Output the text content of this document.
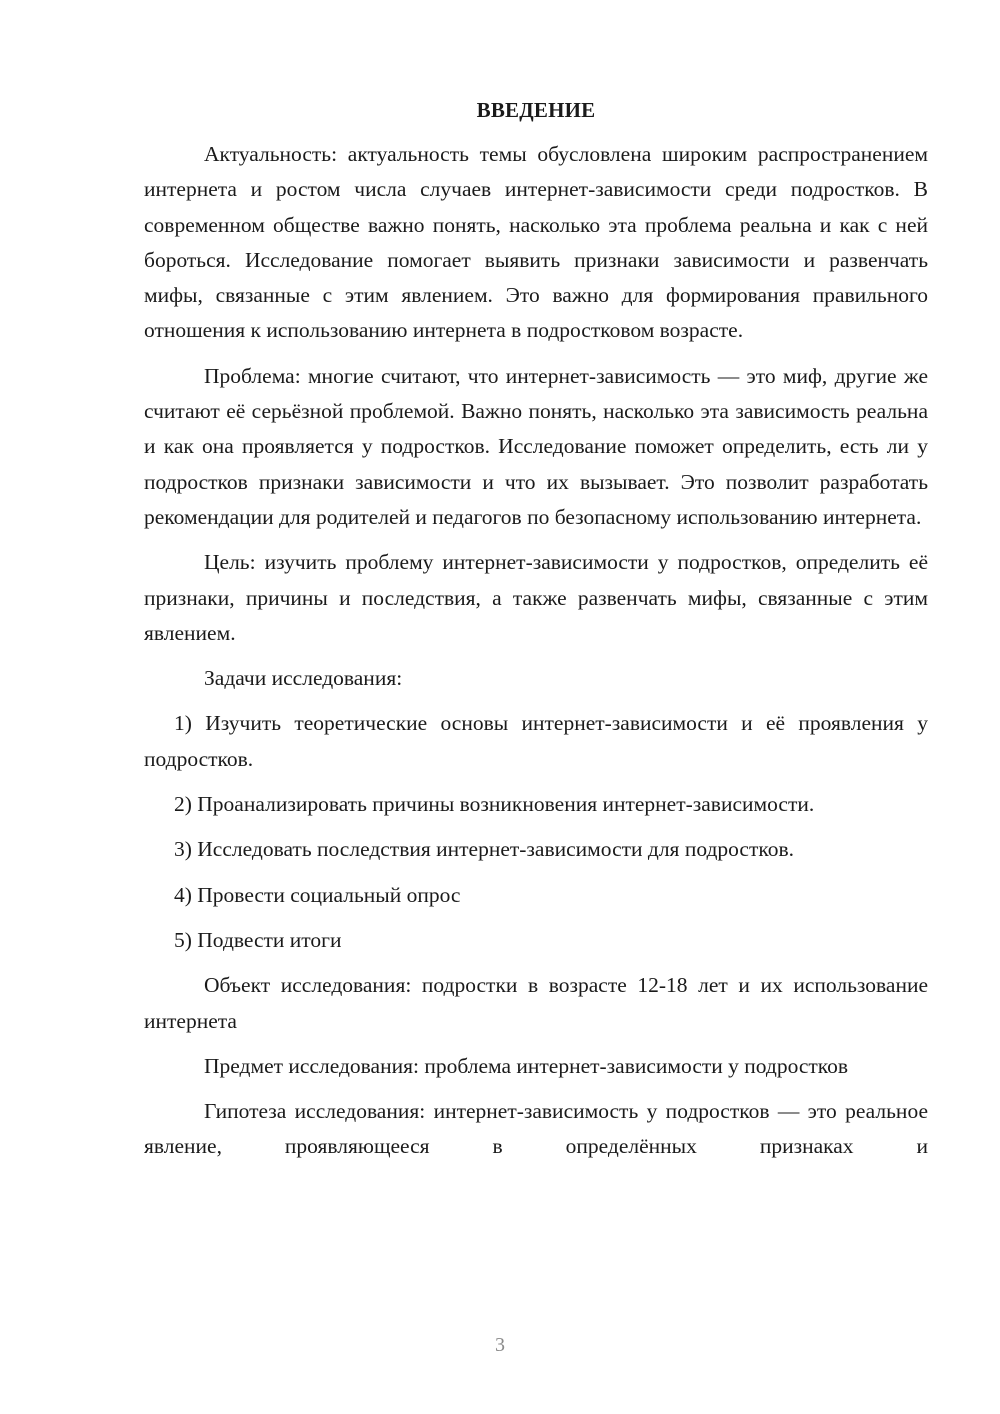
ВВЕДЕНИЕ

Актуальность: актуальность темы обусловлена широким распространением интернета и ростом числа случаев интернет-зависимости среди подростков. В современном обществе важно понять, насколько эта проблема реальна и как с ней бороться. Исследование помогает выявить признаки зависимости и развенчать мифы, связанные с этим явлением. Это важно для формирования правильного отношения к использованию интернета в подростковом возрасте.

Проблема: многие считают, что интернет-зависимость — это миф, другие же считают её серьёзной проблемой. Важно понять, насколько эта зависимость реальна и как она проявляется у подростков. Исследование поможет определить, есть ли у подростков признаки зависимости и что их вызывает. Это позволит разработать рекомендации для родителей и педагогов по безопасному использованию интернета.

Цель: изучить проблему интернет-зависимости у подростков, определить её признаки, причины и последствия, а также развенчать мифы, связанные с этим явлением.

Задачи исследования:

1) Изучить теоретические основы интернет-зависимости и её проявления у подростков.

2) Проанализировать причины возникновения интернет-зависимости.

3) Исследовать последствия интернет-зависимости для подростков.

4) Провести социальный опрос

5) Подвести итоги

Объект исследования: подростки в возрасте 12-18 лет и их использование интернета

Предмет исследования: проблема интернет-зависимости у подростков

Гипотеза исследования: интернет-зависимость у подростков — это реальное явление, проявляющееся в определённых признаках и

3
